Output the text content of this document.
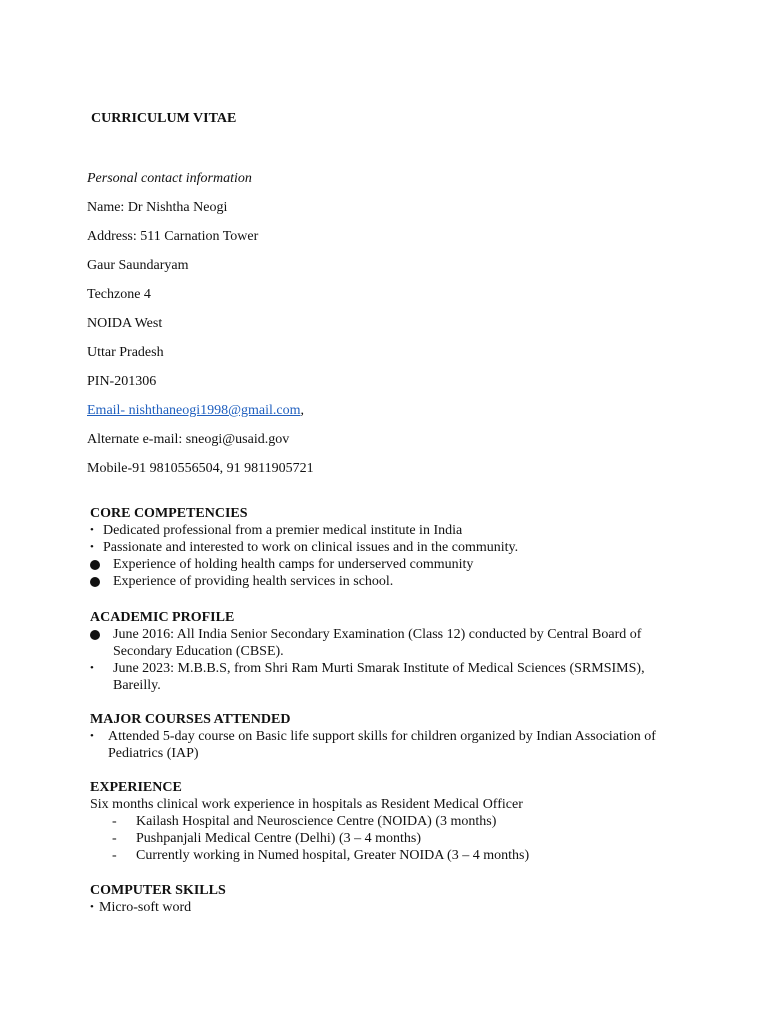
CURRICULUM VITAE

Personal contact information

Name: Dr Nishtha Neogi

Address: 511 Carnation Tower

Gaur Saundaryam

Techzone 4

NOIDA West

Uttar Pradesh

PIN-201306

Email- nishthaneogi1998@gmail.com,

Alternate e-mail: sneogi@usaid.gov

Mobile-91 9810556504, 91 9811905721

CORE COMPETENCIES
• Dedicated professional from a premier medical institute in India
• Passionate and interested to work on clinical issues and in the community.
Experience of holding health camps for underserved community
Experience of providing health services in school.
ACADEMIC PROFILE
June 2016: All India Senior Secondary Examination (Class 12) conducted by Central Board of Secondary Education (CBSE).
• June 2023: M.B.B.S, from Shri Ram Murti Smarak Institute of Medical Sciences (SRMSIMS), Bareilly.
MAJOR COURSES ATTENDED
• Attended 5-day course on Basic life support skills for children organized by Indian Association of Pediatrics (IAP)
EXPERIENCE

Six months clinical work experience in hospitals as Resident Medical Officer

- Kailash Hospital and Neuroscience Centre (NOIDA) (3 months)
- Pushpanjali Medical Centre (Delhi) (3 – 4 months)
- Currently working in Numed hospital, Greater NOIDA (3 – 4 months)
COMPUTER SKILLS
• Micro-soft word
